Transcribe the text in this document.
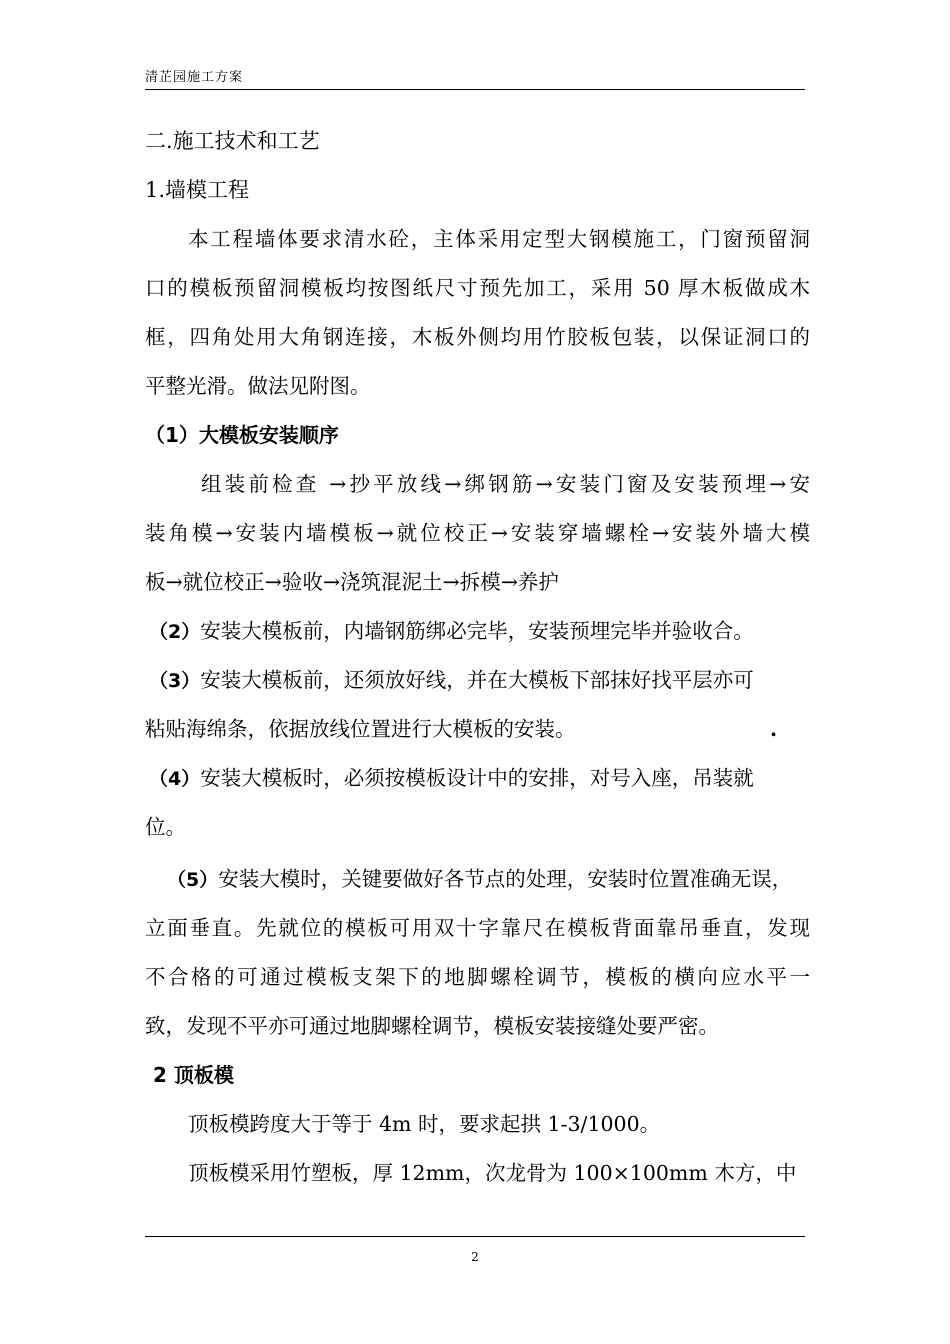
清芷园施工方案
二.施工技术和工艺
1.墙模工程
本工程墙体要求清水砼，主体采用定型大钢模施工，门窗预留洞
口的模板预留洞模板均按图纸尺寸预先加工，采用 50 厚木板做成木
框，四角处用大角钢连接，木板外侧均用竹胶板包装，以保证洞口的
平整光滑。做法见附图。
（1）大模板安装顺序
组装前检查 →抄平放线→绑钢筋→安装门窗及安装预埋→安
装角模→安装内墙模板→就位校正→安装穿墙螺栓→安装外墙大模
板→就位校正→验收→浇筑混泥土→拆模→养护
（2）安装大模板前，内墙钢筋绑必完毕，安装预埋完毕并验收合。
（3）安装大模板前，还须放好线，并在大模板下部抹好找平层亦可
粘贴海绵条，依据放线位置进行大模板的安装。	.
（4）安装大模板时，必须按模板设计中的安排，对号入座，吊装就
位。
（5）安装大模时，关键要做好各节点的处理，安装时位置准确无误，
立面垂直。先就位的模板可用双十字靠尺在模板背面靠吊垂直，发现
不合格的可通过模板支架下的地脚螺栓调节，模板的横向应水平一
致，发现不平亦可通过地脚螺栓调节，模板安装接缝处要严密。
2 顶板模
顶板模跨度大于等于 4m 时，要求起拱 1-3/1000。
顶板模采用竹塑板，厚 12mm，次龙骨为 100×100mm 木方，中
2
